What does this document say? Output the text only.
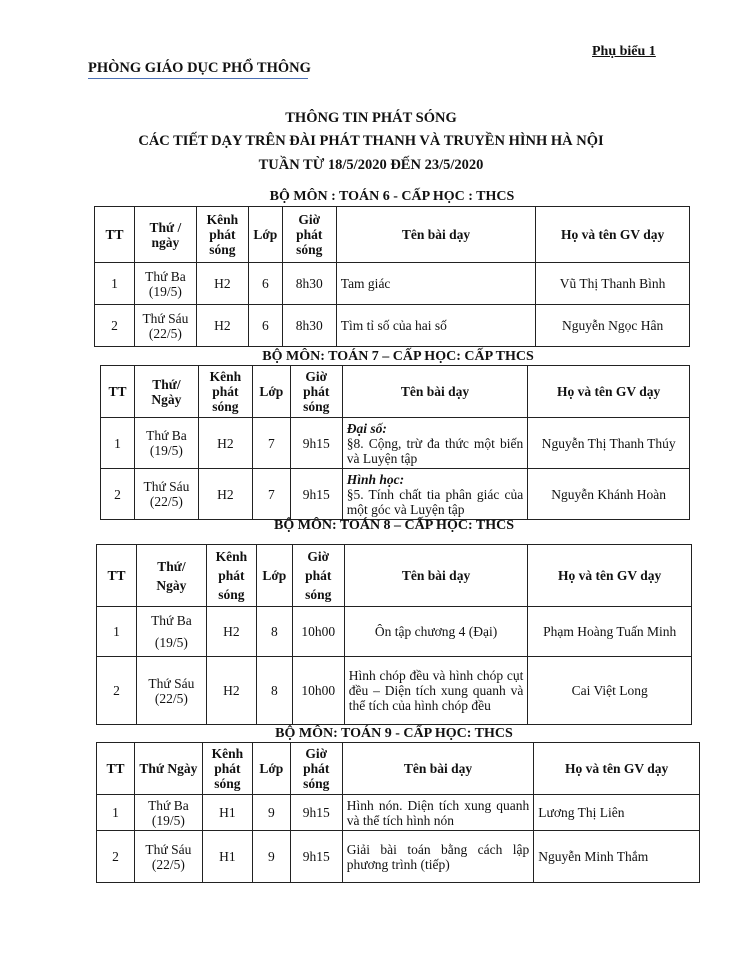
Phụ biểu 1
PHÒNG GIÁO DỤC PHỔ THÔNG
THÔNG TIN PHÁT SÓNG
CÁC TIẾT DẠY TRÊN ĐÀI PHÁT THANH VÀ TRUYỀN HÌNH HÀ NỘI
TUẦN TỪ 18/5/2020 ĐẾN 23/5/2020
BỘ MÔN : TOÁN 6 - CẤP HỌC : THCS
TT	Thứ / ngày	Kênh phát sóng	Lớp	Giờ phát sóng	Tên bài dạy	Họ và tên GV dạy
1	Thứ Ba (19/5)	H2	6	8h30	Tam giác	Vũ Thị Thanh Bình
2	Thứ Sáu (22/5)	H2	6	8h30	Tìm tỉ số của hai số	Nguyễn Ngọc Hân
BỘ MÔN: TOÁN 7 – CẤP HỌC: CẤP THCS
TT	Thứ/ Ngày	Kênh phát sóng	Lớp	Giờ phát sóng	Tên bài dạy	Họ và tên GV dạy
1	Thứ Ba (19/5)	H2	7	9h15	Đại số:
§8. Cộng, trừ đa thức một biến và Luyện tập	Nguyễn Thị Thanh Thúy
2	Thứ Sáu (22/5)	H2	7	9h15	Hình học:
§5. Tính chất tia phân giác của một góc và Luyện tập	Nguyễn Khánh Hoàn
BỘ MÔN: TOÁN 8 – CẤP HỌC: THCS
TT	Thứ/ Ngày	Kênh phát sóng	Lớp	Giờ phát sóng	Tên bài dạy	Họ và tên GV dạy
1	Thứ Ba (19/5)	H2	8	10h00	Ôn tập chương 4 (Đại)	Phạm Hoàng Tuấn Minh
2	Thứ Sáu (22/5)	H2	8	10h00	Hình chóp đều và hình chóp cụt đều – Diện tích xung quanh và thể tích của hình chóp đều	Cai Việt Long
BỘ MÔN: TOÁN 9 - CẤP HỌC: THCS
TT	Thứ Ngày	Kênh phát sóng	Lớp	Giờ phát sóng	Tên bài dạy	Họ và tên GV dạy
1	Thứ Ba (19/5)	H1	9	9h15	Hình nón. Diện tích xung quanh và thể tích hình nón	Lương Thị Liên
2	Thứ Sáu (22/5)	H1	9	9h15	Giải bài toán bằng cách lập phương trình (tiếp)	Nguyễn Minh Thắm
